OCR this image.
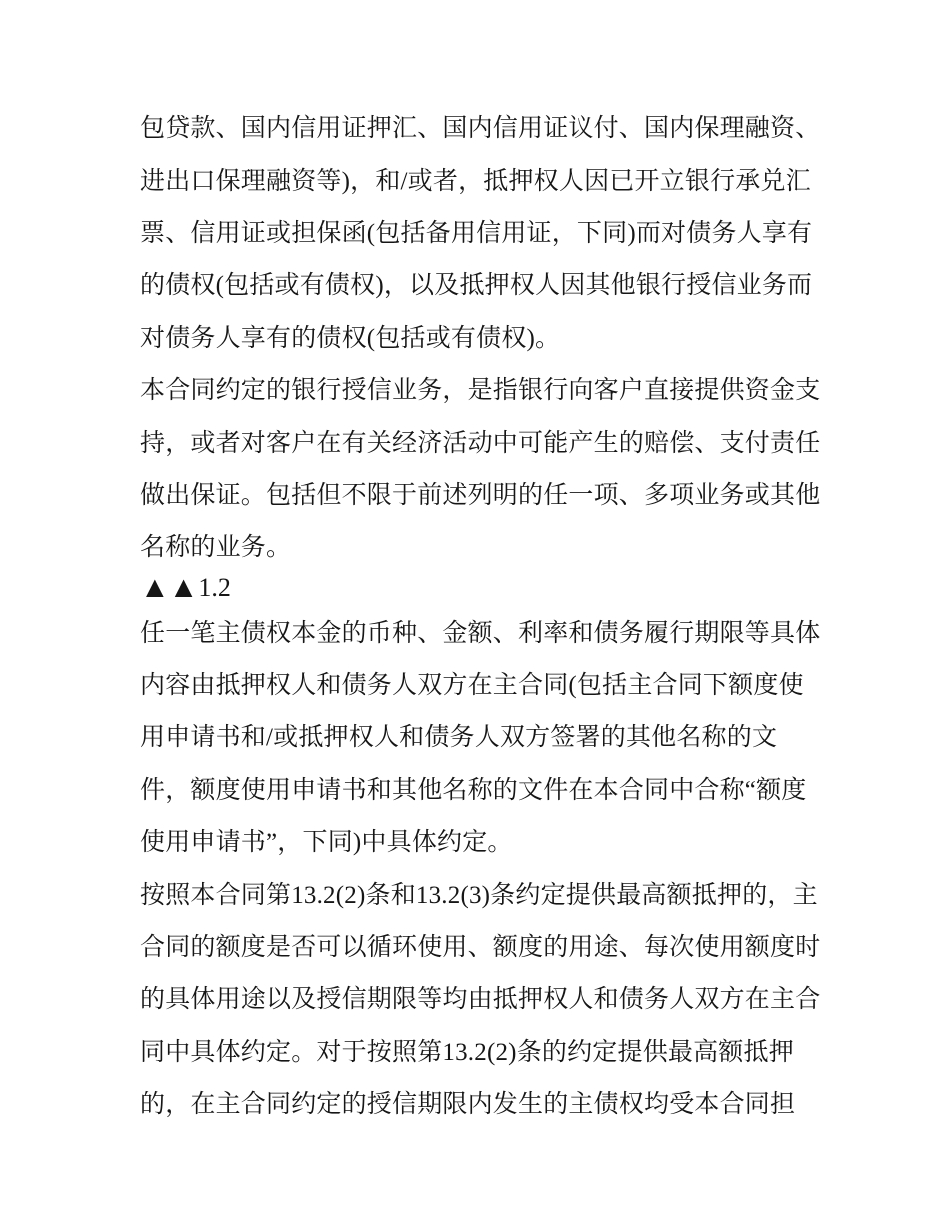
包贷款、国内信用证押汇、国内信用证议付、国内保理融资、
进出口保理融资等)，和/或者，抵押权人因已开立银行承兑汇
票、信用证或担保函(包括备用信用证，下同)而对债务人享有
的债权(包括或有债权)，以及抵押权人因其他银行授信业务而
对债务人享有的债权(包括或有债权)。
本合同约定的银行授信业务，是指银行向客户直接提供资金支
持，或者对客户在有关经济活动中可能产生的赔偿、支付责任
做出保证。包括但不限于前述列明的任一项、多项业务或其他
名称的业务。
▲▲ 1.2
任一笔主债权本金的币种、金额、利率和债务履行期限等具体
内容由抵押权人和债务人双方在主合同(包括主合同下额度使
用申请书和/或抵押权人和债务人双方签署的其他名称的文
件，额度使用申请书和其他名称的文件在本合同中合称“额度
使用申请书”，下同)中具体约定。
按照本合同第13.2(2)条和13.2(3)条约定提供最高额抵押的，主
合同的额度是否可以循环使用、额度的用途、每次使用额度时
的具体用途以及授信期限等均由抵押权人和债务人双方在主合
同中具体约定。对于按照第13.2(2)条的约定提供最高额抵押
的，在主合同约定的授信期限内发生的主债权均受本合同担
